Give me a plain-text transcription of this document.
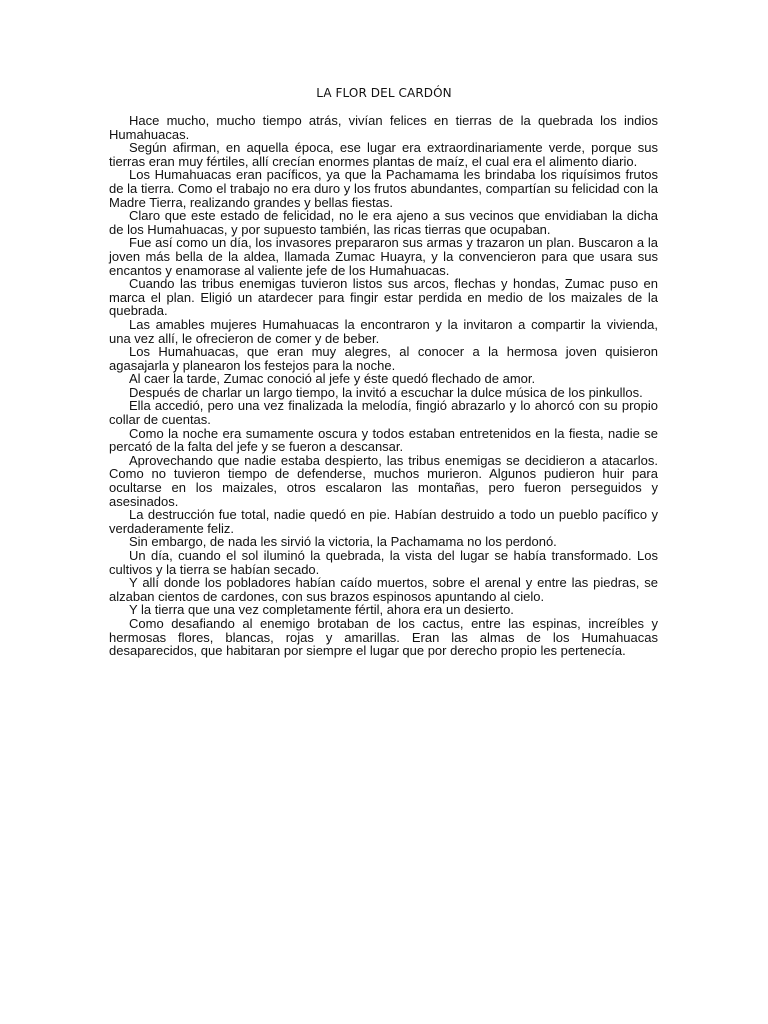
LA FLOR DEL CARDÓN

Hace mucho, mucho tiempo atrás, vivían felices en tierras de la quebrada los indios Humahuacas.

Según afirman, en aquella época, ese lugar era extraordinariamente verde, porque sus tierras eran muy fértiles, allí crecían enormes plantas de maíz, el cual era el alimento diario.

Los Humahuacas eran pacíficos, ya que la Pachamama les brindaba los riquísimos frutos de la tierra. Como el trabajo no era duro y los frutos abundantes, compartían su felicidad con la Madre Tierra, realizando grandes y bellas fiestas.

Claro que este estado de felicidad, no le era ajeno a sus vecinos que envidiaban la dicha de los Humahuacas, y por supuesto también, las ricas tierras que ocupaban.

Fue así como un día, los invasores prepararon sus armas y trazaron un plan. Buscaron a la joven más bella de la aldea, llamada Zumac Huayra, y la convencieron para que usara sus encantos y enamorase al valiente jefe de los Humahuacas.

Cuando las tribus enemigas tuvieron listos sus arcos, flechas y hondas, Zumac puso en marca el plan. Eligió un atardecer para fingir estar perdida en medio de los maizales de la quebrada.

Las amables mujeres Humahuacas la encontraron y la invitaron a compartir la vivienda, una vez allí, le ofrecieron de comer y de beber.

Los Humahuacas, que eran muy alegres, al conocer a la hermosa joven quisieron agasajarla y planearon los festejos para la noche.

Al caer la tarde, Zumac conoció al jefe y éste quedó flechado de amor.

Después de charlar un largo tiempo, la invitó a escuchar la dulce música de los pinkullos.

Ella accedió, pero una vez finalizada la melodía, fingió abrazarlo y lo ahorcó con su propio collar de cuentas.

Como la noche era sumamente oscura y todos estaban entretenidos en la fiesta, nadie se percató de la falta del jefe y se fueron a descansar.

Aprovechando que nadie estaba despierto, las tribus enemigas se decidieron a atacarlos. Como no tuvieron tiempo de defenderse, muchos murieron. Algunos pudieron huir para ocultarse en los maizales, otros escalaron las montañas, pero fueron perseguidos y asesinados.

La destrucción fue total, nadie quedó en pie. Habían destruido a todo un pueblo pacífico y verdaderamente feliz.

Sin embargo, de nada les sirvió la victoria, la Pachamama no los perdonó.

Un día, cuando el sol iluminó la quebrada, la vista del lugar se había transformado. Los cultivos y la tierra se habían secado.

Y allí donde los pobladores habían caído muertos, sobre el arenal y entre las piedras, se alzaban cientos de cardones, con sus brazos espinosos apuntando al cielo.

Y la tierra que una vez completamente fértil, ahora era un desierto.

Como desafiando al enemigo brotaban de los cactus, entre las espinas, increíbles y hermosas flores, blancas, rojas y amarillas. Eran las almas de los Humahuacas desaparecidos, que habitaran por siempre el lugar que por derecho propio les pertenecía.
